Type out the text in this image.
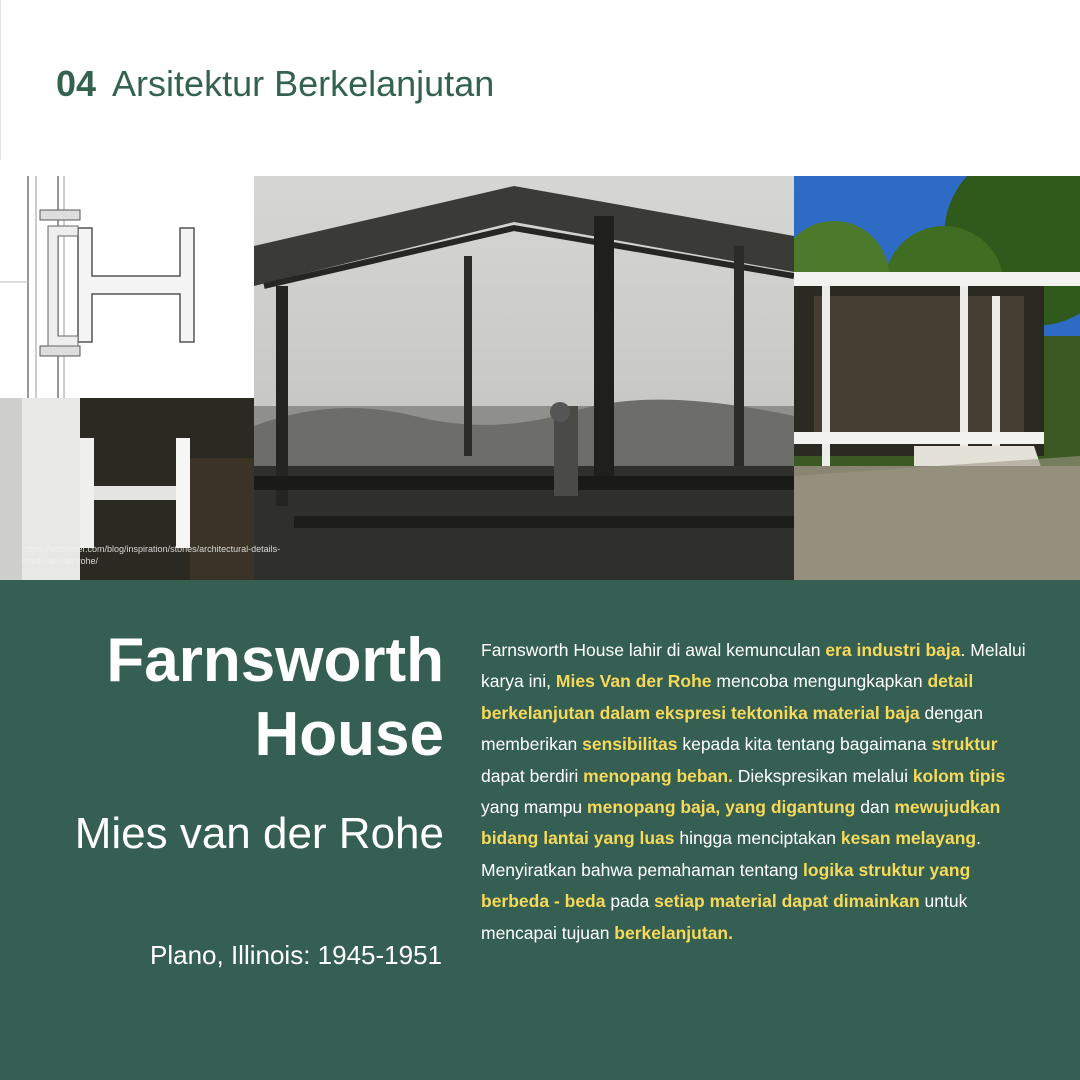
04 Arsitektur Berkelanjutan
https://architizer.com/blog/inspiration/stories/architectural-details-mies-van-der-rohe/
Farnsworth House
Mies van der Rohe
Plano, Illinois: 1945-1951
Farnsworth House lahir di awal kemunculan era industri baja. Melalui karya ini, Mies Van der Rohe mencoba mengungkapkan detail berkelanjutan dalam ekspresi tektonika material baja dengan memberikan sensibilitas kepada kita tentang bagaimana struktur dapat berdiri menopang beban. Diekspresikan melalui kolom tipis yang mampu menopang baja, yang digantung dan mewujudkan bidang lantai yang luas hingga menciptakan kesan melayang. Menyiratkan bahwa pemahaman tentang logika struktur yang berbeda - beda pada setiap material dapat dimainkan untuk mencapai tujuan berkelanjutan.
